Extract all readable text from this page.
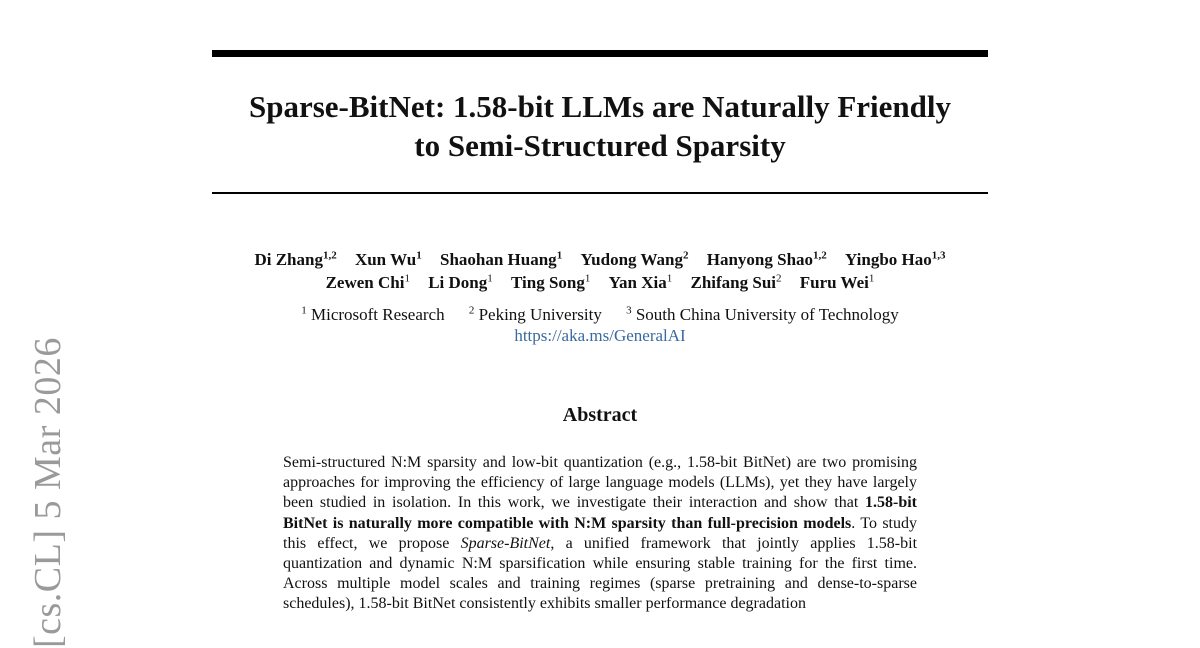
Sparse-BitNet: 1.58-bit LLMs are Naturally Friendly
to Semi-Structured Sparsity
Di Zhang$^{1,2}$ Xun Wu$^1$ Shaohan Huang$^1$ Yudong Wang$^2$ Hanyong Shao$^{1,2}$ Yingbo Hao$^{1,3}$
Zewen Chi$^1$ Li Dong$^1$ Ting Song$^1$ Yan Xia$^1$ Zhifang Sui$^2$ Furu Wei$^1$
$^1$ Microsoft Research $^2$ Peking University $^3$ South China University of Technology
https://aka.ms/GeneralAI
Abstract

Semi-structured N:M sparsity and low-bit quantization (e.g., 1.58-bit BitNet) are two promising approaches for improving the efficiency of large language models (LLMs), yet they have largely been studied in isolation. In this work, we investigate their interaction and show that 1.58-bit BitNet is naturally more compatible with N:M sparsity than full-precision models. To study this effect, we propose Sparse-BitNet, a unified framework that jointly applies 1.58-bit quantization and dynamic N:M sparsification while ensuring stable training for the first time. Across multiple model scales and training regimes (sparse pretraining and dense-to-sparse schedules), 1.58-bit BitNet consistently exhibits smaller performance degradation

[cs.CL] 5 Mar 2026
